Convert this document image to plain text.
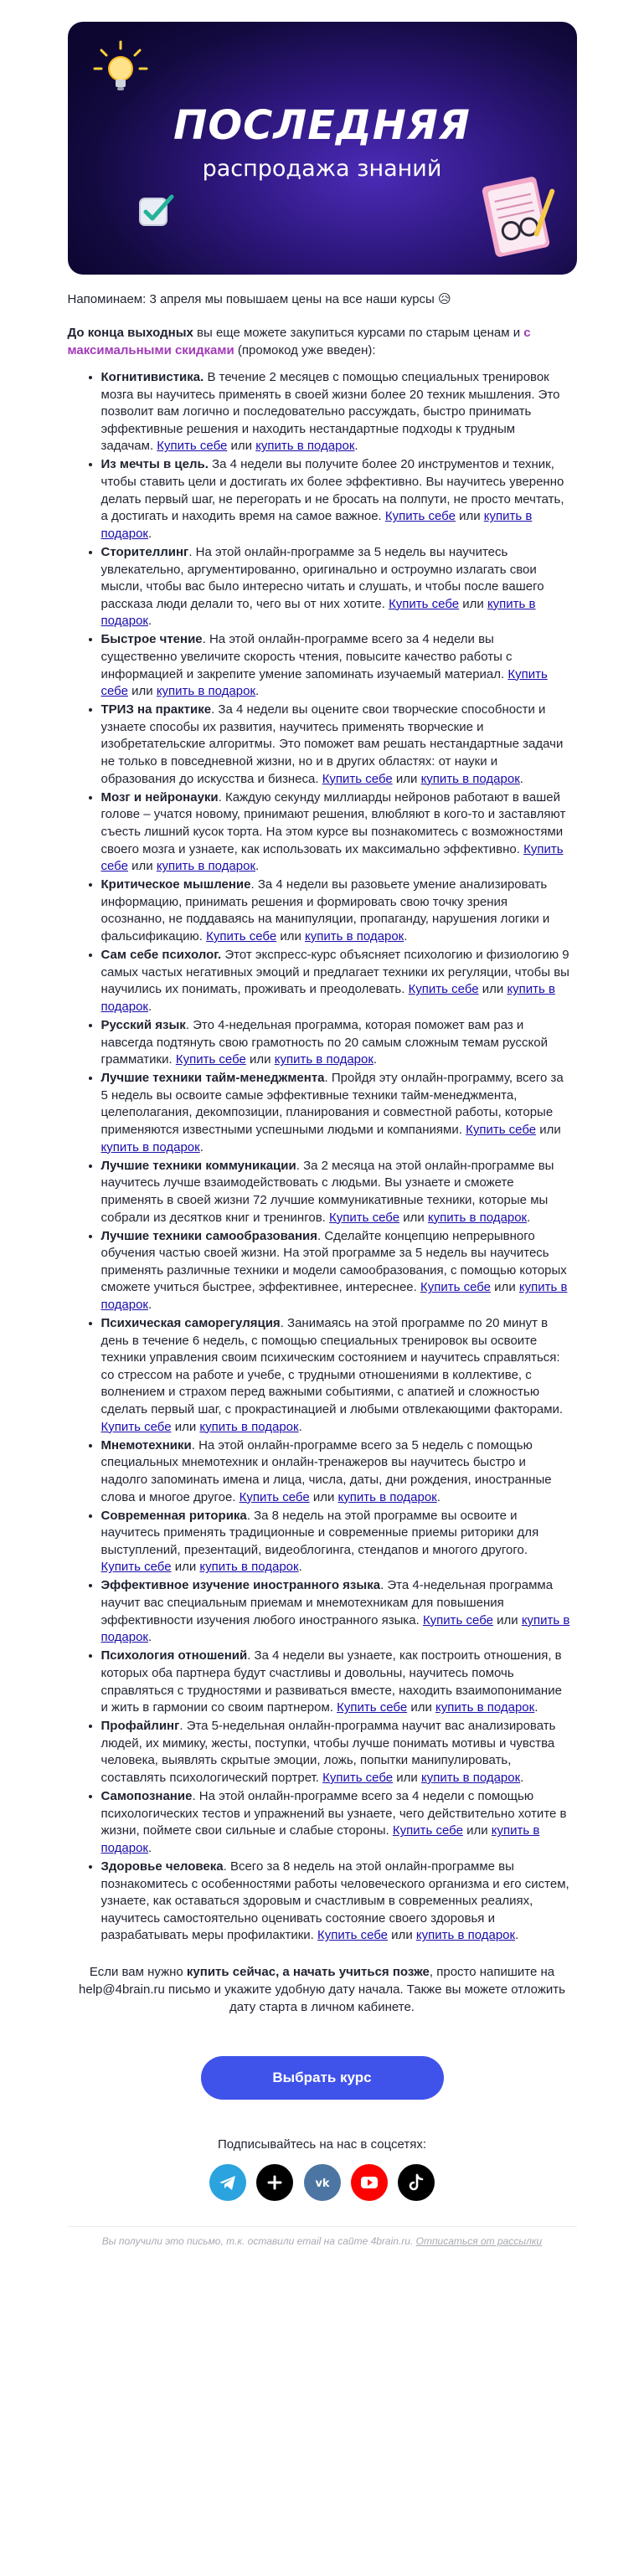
ПОСЛЕДНЯЯ
распродажа знаний

Напоминаем: 3 апреля мы повышаем цены на все наши курсы 😥

До конца выходных вы еще можете закупиться курсами по старым ценам и с максимальными скидками (промокод уже введен):

• Когнитивистика. В течение 2 месяцев с помощью специальных тренировок мозга вы научитесь применять в своей жизни более 20 техник мышления. Это позволит вам логично и последовательно рассуждать, быстро принимать эффективные решения и находить нестандартные подходы к трудным задачам. Купить себе или купить в подарок.
• Из мечты в цель. За 4 недели вы получите более 20 инструментов и техник, чтобы ставить цели и достигать их более эффективно. Вы научитесь уверенно делать первый шаг, не перегорать и не бросать на полпути, не просто мечтать, а достигать и находить время на самое важное. Купить себе или купить в подарок.
• Сторителлинг. На этой онлайн-программе за 5 недель вы научитесь увлекательно, аргументированно, оригинально и остроумно излагать свои мысли, чтобы вас было интересно читать и слушать, и чтобы после вашего рассказа люди делали то, чего вы от них хотите. Купить себе или купить в подарок.
• Быстрое чтение. На этой онлайн-программе всего за 4 недели вы существенно увеличите скорость чтения, повысите качество работы с информацией и закрепите умение запоминать изучаемый материал. Купить себе или купить в подарок.
• ТРИЗ на практике. За 4 недели вы оцените свои творческие способности и узнаете способы их развития, научитесь применять творческие и изобретательские алгоритмы. Это поможет вам решать нестандартные задачи не только в повседневной жизни, но и в других областях: от науки и образования до искусства и бизнеса. Купить себе или купить в подарок.
• Мозг и нейронауки. Каждую секунду миллиарды нейронов работают в вашей голове – учатся новому, принимают решения, влюбляют в кого-то и заставляют съесть лишний кусок торта. На этом курсе вы познакомитесь с возможностями своего мозга и узнаете, как использовать их максимально эффективно. Купить себе или купить в подарок.
• Критическое мышление. За 4 недели вы разовьете умение анализировать информацию, принимать решения и формировать свою точку зрения осознанно, не поддаваясь на манипуляции, пропаганду, нарушения логики и фальсификацию. Купить себе или купить в подарок.
• Сам себе психолог. Этот экспресс-курс объясняет психологию и физиологию 9 самых частых негативных эмоций и предлагает техники их регуляции, чтобы вы научились их понимать, проживать и преодолевать. Купить себе или купить в подарок.
• Русский язык. Это 4-недельная программа, которая поможет вам раз и навсегда подтянуть свою грамотность по 20 самым сложным темам русской грамматики. Купить себе или купить в подарок.
• Лучшие техники тайм-менеджмента. Пройдя эту онлайн-программу, всего за 5 недель вы освоите самые эффективные техники тайм-менеджмента, целеполагания, декомпозиции, планирования и совместной работы, которые применяются известными успешными людьми и компаниями. Купить себе или купить в подарок.
• Лучшие техники коммуникации. За 2 месяца на этой онлайн-программе вы научитесь лучше взаимодействовать с людьми. Вы узнаете и сможете применять в своей жизни 72 лучшие коммуникативные техники, которые мы собрали из десятков книг и тренингов. Купить себе или купить в подарок.
• Лучшие техники самообразования. Сделайте концепцию непрерывного обучения частью своей жизни. На этой программе за 5 недель вы научитесь применять различные техники и модели самообразования, с помощью которых сможете учиться быстрее, эффективнее, интереснее. Купить себе или купить в подарок.
• Психическая саморегуляция. Занимаясь на этой программе по 20 минут в день в течение 6 недель, с помощью специальных тренировок вы освоите техники управления своим психическим состоянием и научитесь справляться: со стрессом на работе и учебе, с трудными отношениями в коллективе, с волнением и страхом перед важными событиями, с апатией и сложностью сделать первый шаг, с прокрастинацией и любыми отвлекающими факторами. Купить себе или купить в подарок.
• Мнемотехники. На этой онлайн-программе всего за 5 недель с помощью специальных мнемотехник и онлайн-тренажеров вы научитесь быстро и надолго запоминать имена и лица, числа, даты, дни рождения, иностранные слова и многое другое. Купить себе или купить в подарок.
• Современная риторика. За 8 недель на этой программе вы освоите и научитесь применять традиционные и современные приемы риторики для выступлений, презентаций, видеоблогинга, стендапов и многого другого. Купить себе или купить в подарок.
• Эффективное изучение иностранного языка. Эта 4-недельная программа научит вас специальным приемам и мнемотехникам для повышения эффективности изучения любого иностранного языка. Купить себе или купить в подарок.
• Психология отношений. За 4 недели вы узнаете, как построить отношения, в которых оба партнера будут счастливы и довольны, научитесь помочь справляться с трудностями и развиваться вместе, находить взаимопонимание и жить в гармонии со своим партнером. Купить себе или купить в подарок.
• Профайлинг. Эта 5-недельная онлайн-программа научит вас анализировать людей, их мимику, жесты, поступки, чтобы лучше понимать мотивы и чувства человека, выявлять скрытые эмоции, ложь, попытки манипулировать, составлять психологический портрет. Купить себе или купить в подарок.
• Самопознание. На этой онлайн-программе всего за 4 недели с помощью психологических тестов и упражнений вы узнаете, чего действительно хотите в жизни, поймете свои сильные и слабые стороны. Купить себе или купить в подарок.
• Здоровье человека. Всего за 8 недель на этой онлайн-программе вы познакомитесь с особенностями работы человеческого организма и его систем, узнаете, как оставаться здоровым и счастливым в современных реалиях, научитесь самостоятельно оценивать состояние своего здоровья и разрабатывать меры профилактики. Купить себе или купить в подарок.

Если вам нужно купить сейчас, а начать учиться позже, просто напишите на help@4brain.ru письмо и укажите удобную дату начала. Также вы можете отложить дату старта в личном кабинете.

Выбрать курс
Подписывайтесь на нас в соцсетях:

vk

Вы получили это письмо, т.к. оставили email на сайте 4brain.ru. Отписаться от рассылки
